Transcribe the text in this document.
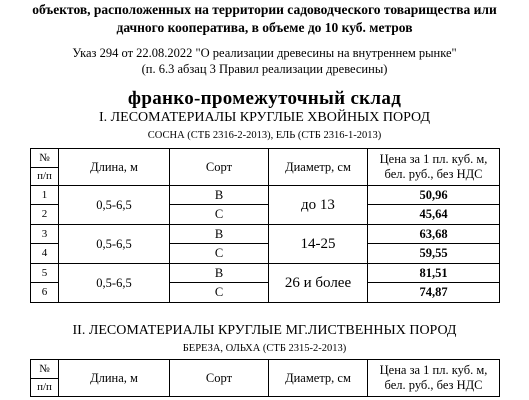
объектов, расположенных на территории садоводческого товарищества или
дачного кооператива, в объеме до 10 куб. метров
Указ 294 от 22.08.2022 "О реализации древесины на внутреннем рынке"
(п. 6.3 абзац 3 Правил реализации древесины)
франко-промежуточный склад
I. ЛЕСОМАТЕРИАЛЫ КРУГЛЫЕ ХВОЙНЫХ ПОРОД
СОСНА (СТБ 2316-2-2013), ЕЛЬ (СТБ 2316-1-2013)
№
п/п	Длина, м	Сорт	Диаметр, см	Цена за 1 пл. куб. м,
бел. руб., без НДС
1	0,5-6,5	В	до 13	50,96
2		С		45,64
3	0,5-6,5	В	14-25	63,68
4		С		59,55
5	0,5-6,5	В	26 и более	81,51
6		С		74,87
II. ЛЕСОМАТЕРИАЛЫ КРУГЛЫЕ МГ.ЛИСТВЕННЫХ ПОРОД
БЕРЕЗА, ОЛЬХА (СТБ 2315-2-2013)
№
п/п
	Длина, м	Сорт	Диаметр, см	Цена за 1 пл. куб. м,
бел. руб., без НДС
